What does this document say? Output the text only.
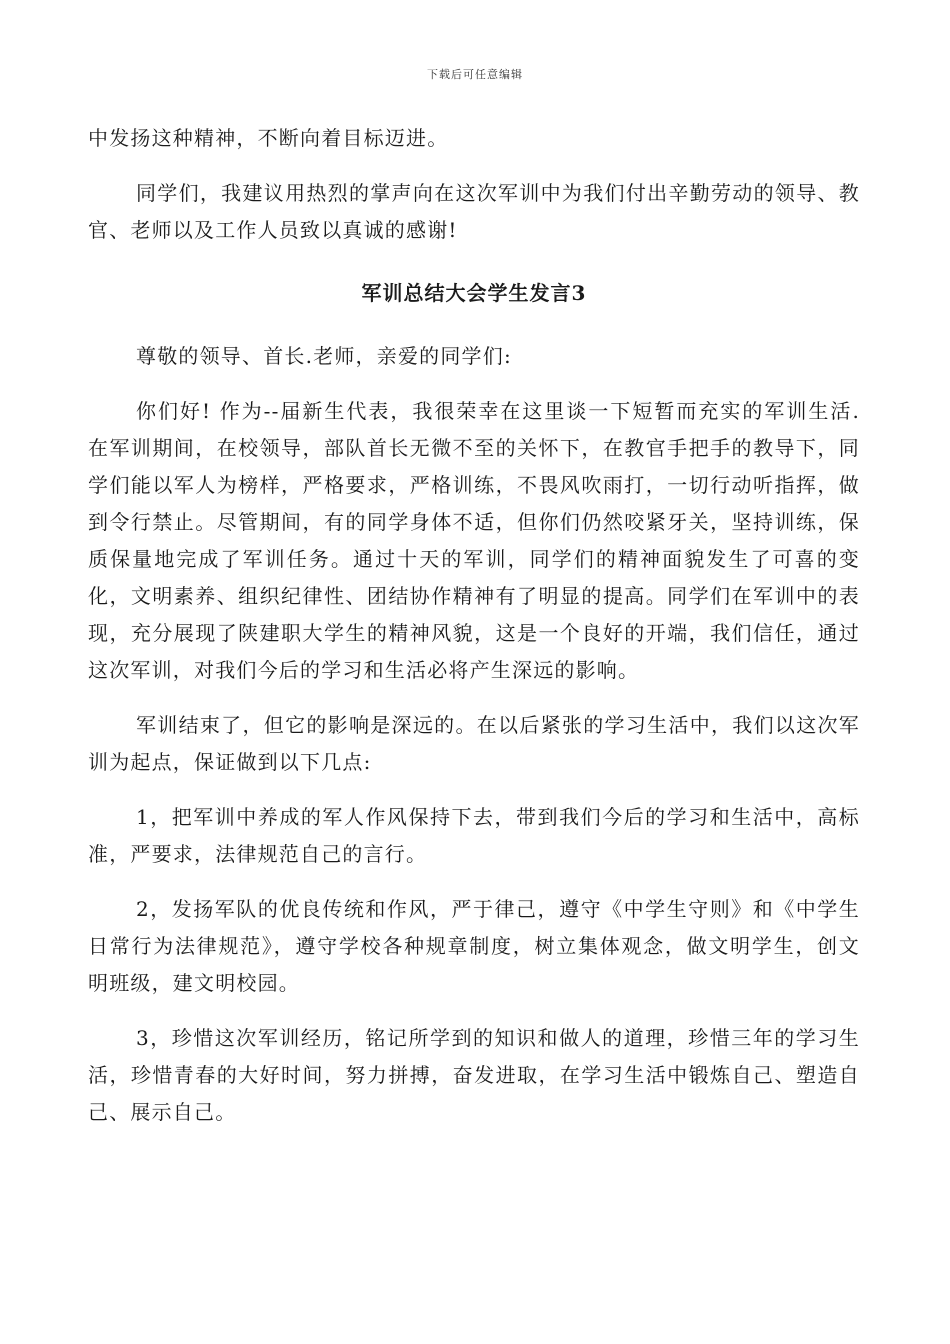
下载后可任意编辑

中发扬这种精神，不断向着目标迈进。

同学们，我建议用热烈的掌声向在这次军训中为我们付出辛勤劳动的领导、教官、老师以及工作人员致以真诚的感谢!

军训总结大会学生发言3

尊敬的领导、首长.老师，亲爱的同学们:

你们好! 作为--届新生代表，我很荣幸在这里谈一下短暂而充实的军训生活. 在军训期间，在校领导，部队首长无微不至的关怀下，在教官手把手的教导下，同学们能以军人为榜样，严格要求，严格训练，不畏风吹雨打，一切行动听指挥，做到令行禁止。尽管期间，有的同学身体不适，但你们仍然咬紧牙关，坚持训练，保质保量地完成了军训任务。通过十天的军训，同学们的精神面貌发生了可喜的变化，文明素养、组织纪律性、团结协作精神有了明显的提高。同学们在军训中的表现，充分展现了陕建职大学生的精神风貌，这是一个良好的开端，我们信任，通过这次军训，对我们今后的学习和生活必将产生深远的影响。

军训结束了，但它的影响是深远的。在以后紧张的学习生活中，我们以这次军训为起点，保证做到以下几点:

1，把军训中养成的军人作风保持下去，带到我们今后的学习和生活中，高标准，严要求，法律规范自己的言行。

2，发扬军队的优良传统和作风，严于律己，遵守《中学生守则》和《中学生日常行为法律规范》，遵守学校各种规章制度，树立集体观念，做文明学生，创文明班级，建文明校园。

3，珍惜这次军训经历，铭记所学到的知识和做人的道理，珍惜三年的学习生活，珍惜青春的大好时间，努力拼搏，奋发进取，在学习生活中锻炼自己、塑造自己、展示自己。
